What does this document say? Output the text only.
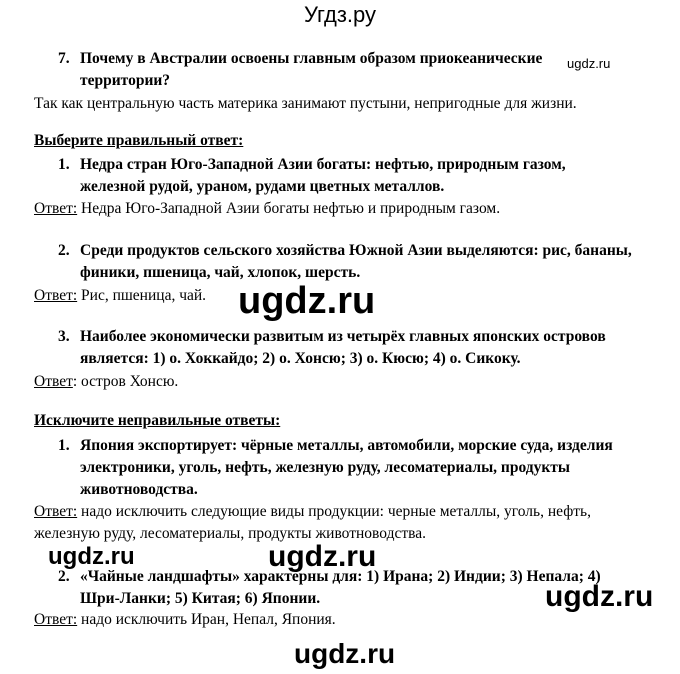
Угдз.ру
7. Почему в Австралии освоены главным образом приокеанические
территории?
ugdz.ru
Так как центральную часть материка занимают пустыни, непригодные для жизни.
Выберите правильный ответ:
1. Недра стран Юго-Западной Азии богаты: нефтью, природным газом,
железной рудой, ураном, рудами цветных металлов.
Ответ: Недра Юго-Западной Азии богаты нефтью и природным газом.
2. Среди продуктов сельского хозяйства Южной Азии выделяются: рис, бананы,
финики, пшеница, чай, хлопок, шерсть.
Ответ: Рис, пшеница, чай. ugdz.ru
3. Наиболее экономически развитым из четырёх главных японских островов
является: 1) о. Хоккайдо; 2) о. Хонсю; 3) о. Кюсю; 4) о. Сикоку.
Ответ: остров Хонсю.
Исключите неправильные ответы:
1. Япония экспортирует: чёрные металлы, автомобили, морские суда, изделия
электроники, уголь, нефть, железную руду, лесоматериалы, продукты
животноводства.
Ответ: надо исключить следующие виды продукции: черные металлы, уголь, нефть,
железную руду, лесоматериалы, продукты животноводства.
ugdz.ru	ugdz.ru
2. «Чайные ландшафты» характерны для: 1) Ирана; 2) Индии; 3) Непала; 4)
Шри-Ланки; 5) Китая; 6) Японии.	ugdz.ru
Ответ: надо исключить Иран, Непал, Япония.
ugdz.ru
